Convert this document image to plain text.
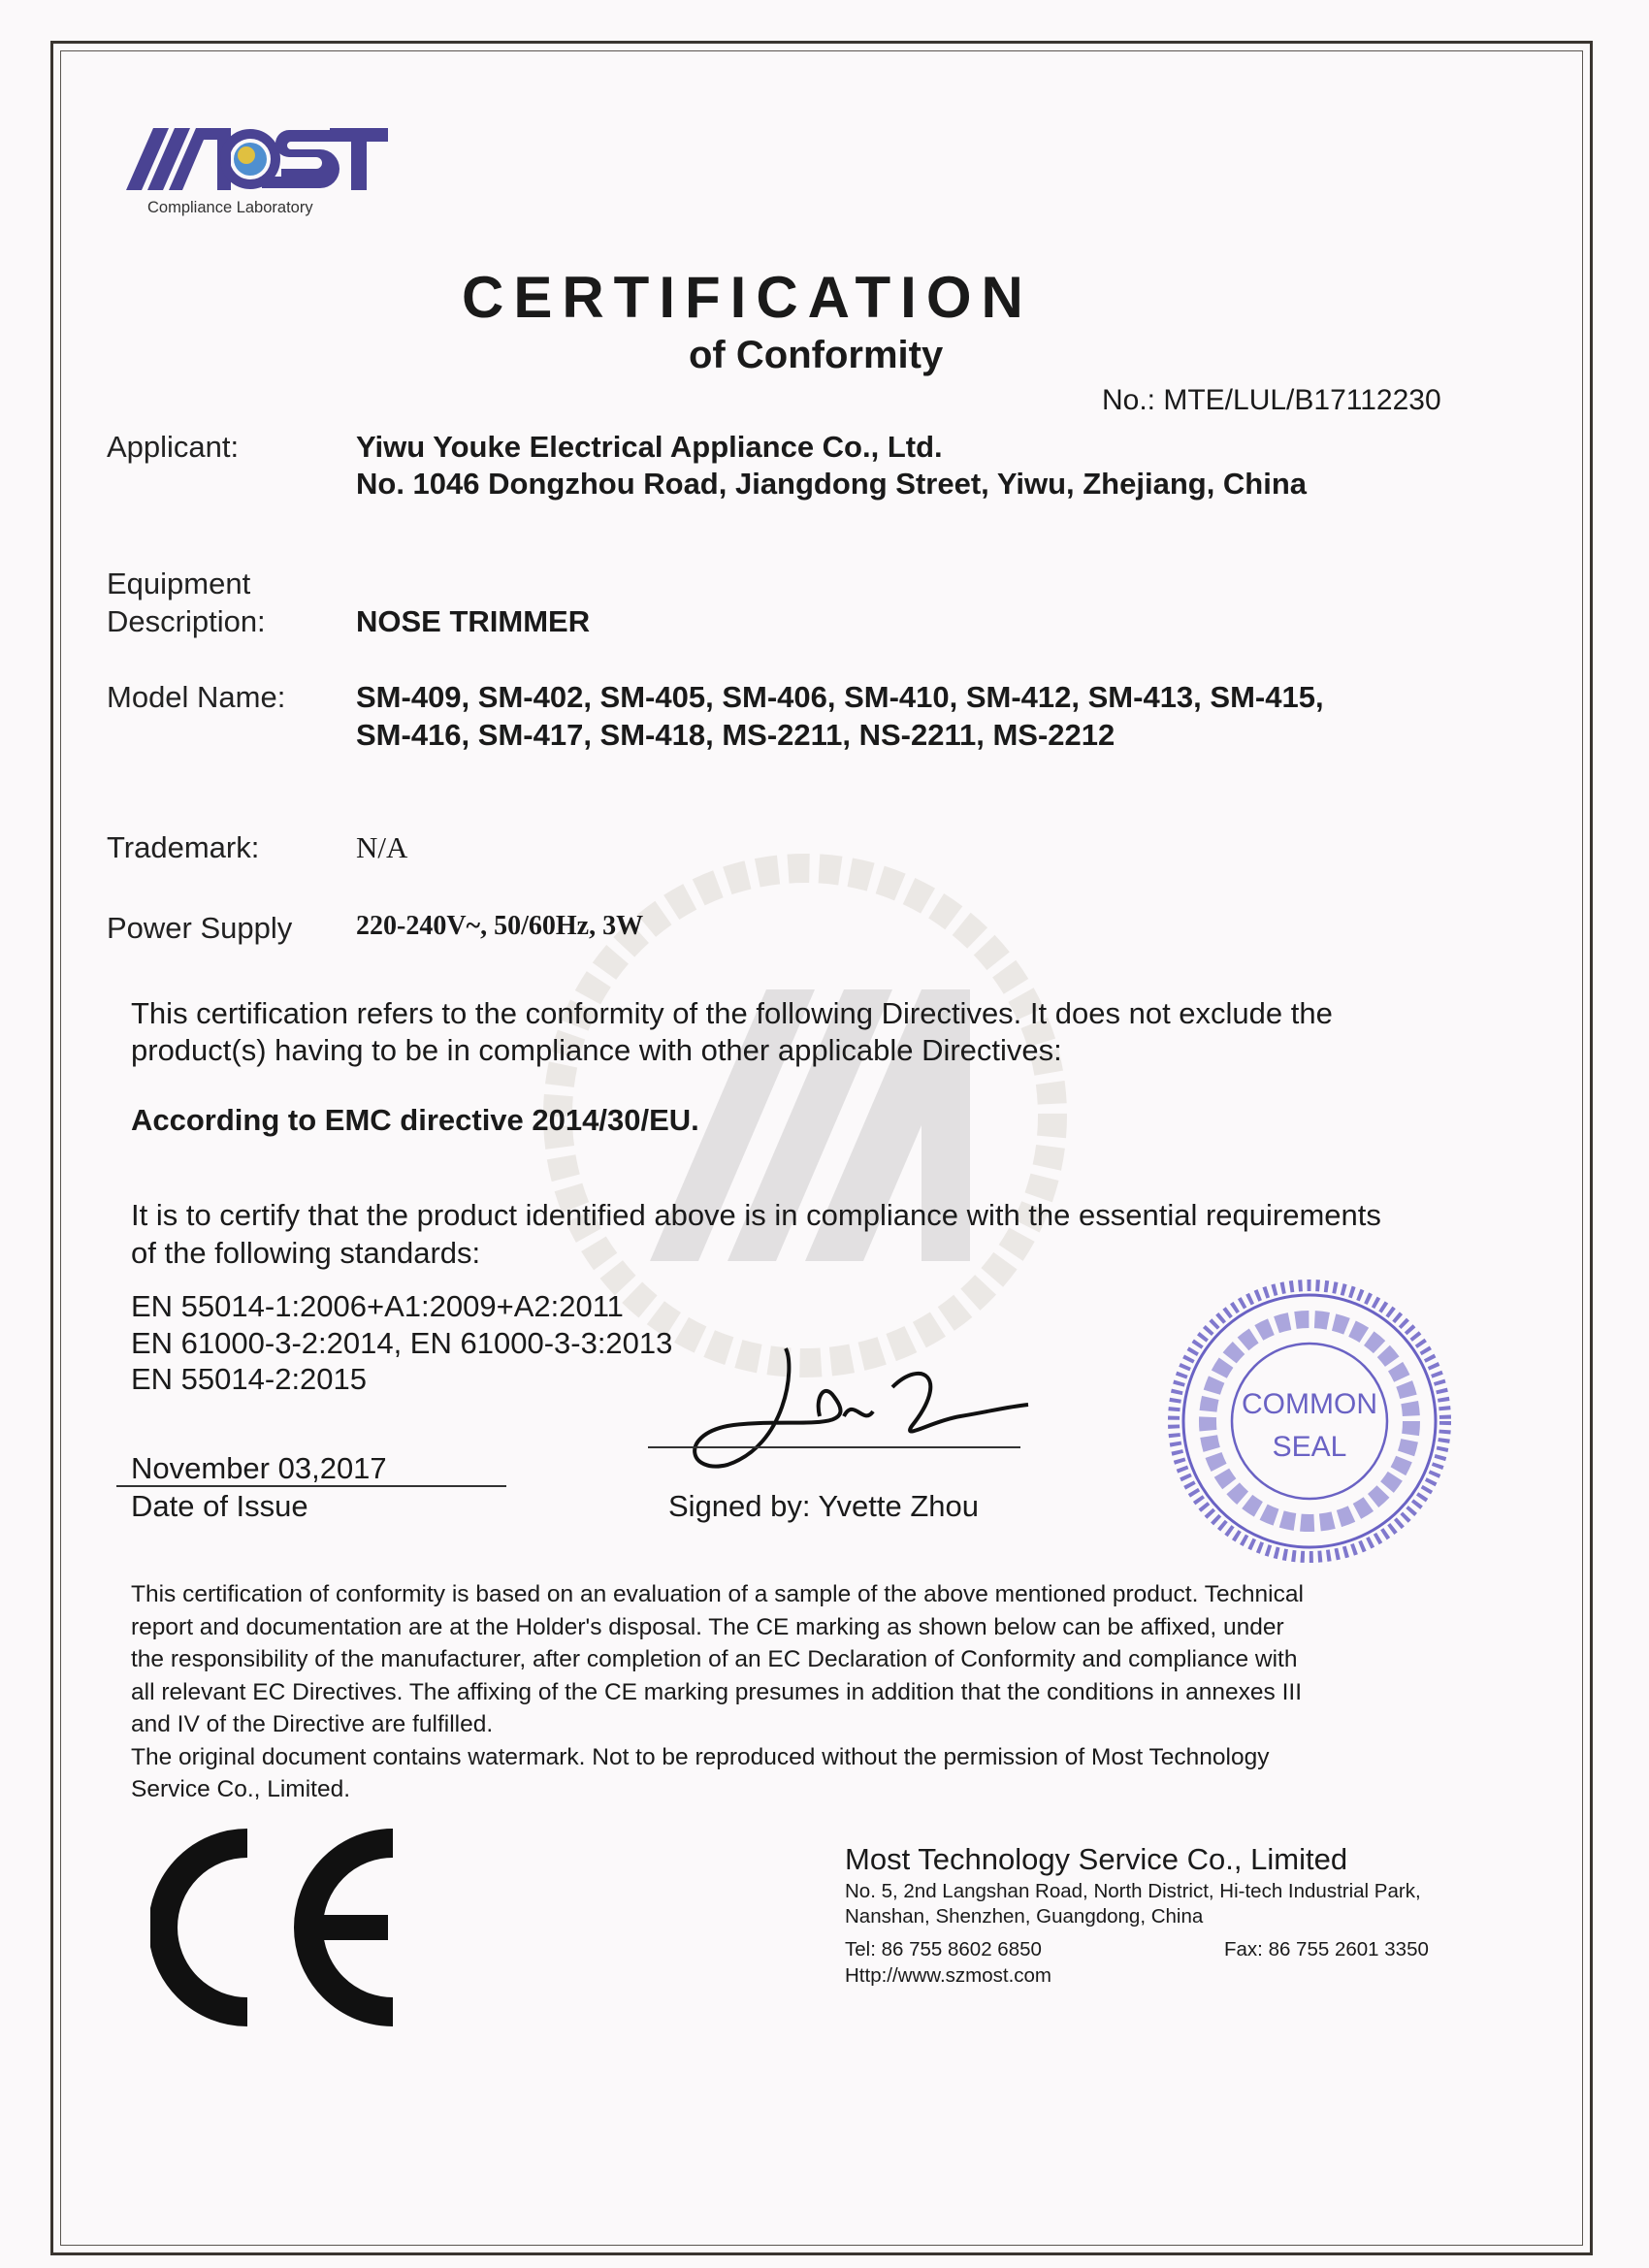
Compliance Laboratory
CERTIFICATION
of Conformity
No.: MTE/LUL/B17112230
Applicant:	Yiwu Youke Electrical Appliance Co., Ltd.
No. 1046 Dongzhou Road, Jiangdong Street, Yiwu, Zhejiang, China
Equipment
Description:	NOSE TRIMMER
Model Name: SM-409, SM-402, SM-405, SM-406, SM-410, SM-412, SM-413, SM-415,
SM-416, SM-417, SM-418, MS-2211, NS-2211, MS-2212
Trademark:	N/A
Power Supply 220-240V~, 50/60Hz, 3W
This certification refers to the conformity of the following Directives. It does not exclude the
product(s) having to be in compliance with other applicable Directives:
According to EMC directive 2014/30/EU.
It is to certify that the product identified above is in compliance with the essential requirements
of the following standards:
EN 55014-1:2006+A1:2009+A2:2011
EN 61000-3-2:2014, EN 61000-3-3:2013
EN 55014-2:2015
COMMON
SEAL
November 03,2017
Date of Issue	Signed by: Yvette Zhou
This certification of conformity is based on an evaluation of a sample of the above mentioned product. Technical
report and documentation are at the Holder's disposal. The CE marking as shown below can be affixed, under
the responsibility of the manufacturer, after completion of an EC Declaration of Conformity and compliance with
all relevant EC Directives. The affixing of the CE marking presumes in addition that the conditions in annexes III
and IV of the Directive are fulfilled.
The original document contains watermark. Not to be reproduced without the permission of Most Technology
Service Co., Limited.
Most Technology Service Co., Limited
No. 5, 2nd Langshan Road, North District, Hi-tech Industrial Park,
Nanshan, Shenzhen, Guangdong, China
Tel: 86 755 8602 6850	Fax: 86 755 2601 3350
Http://www.szmost.com
